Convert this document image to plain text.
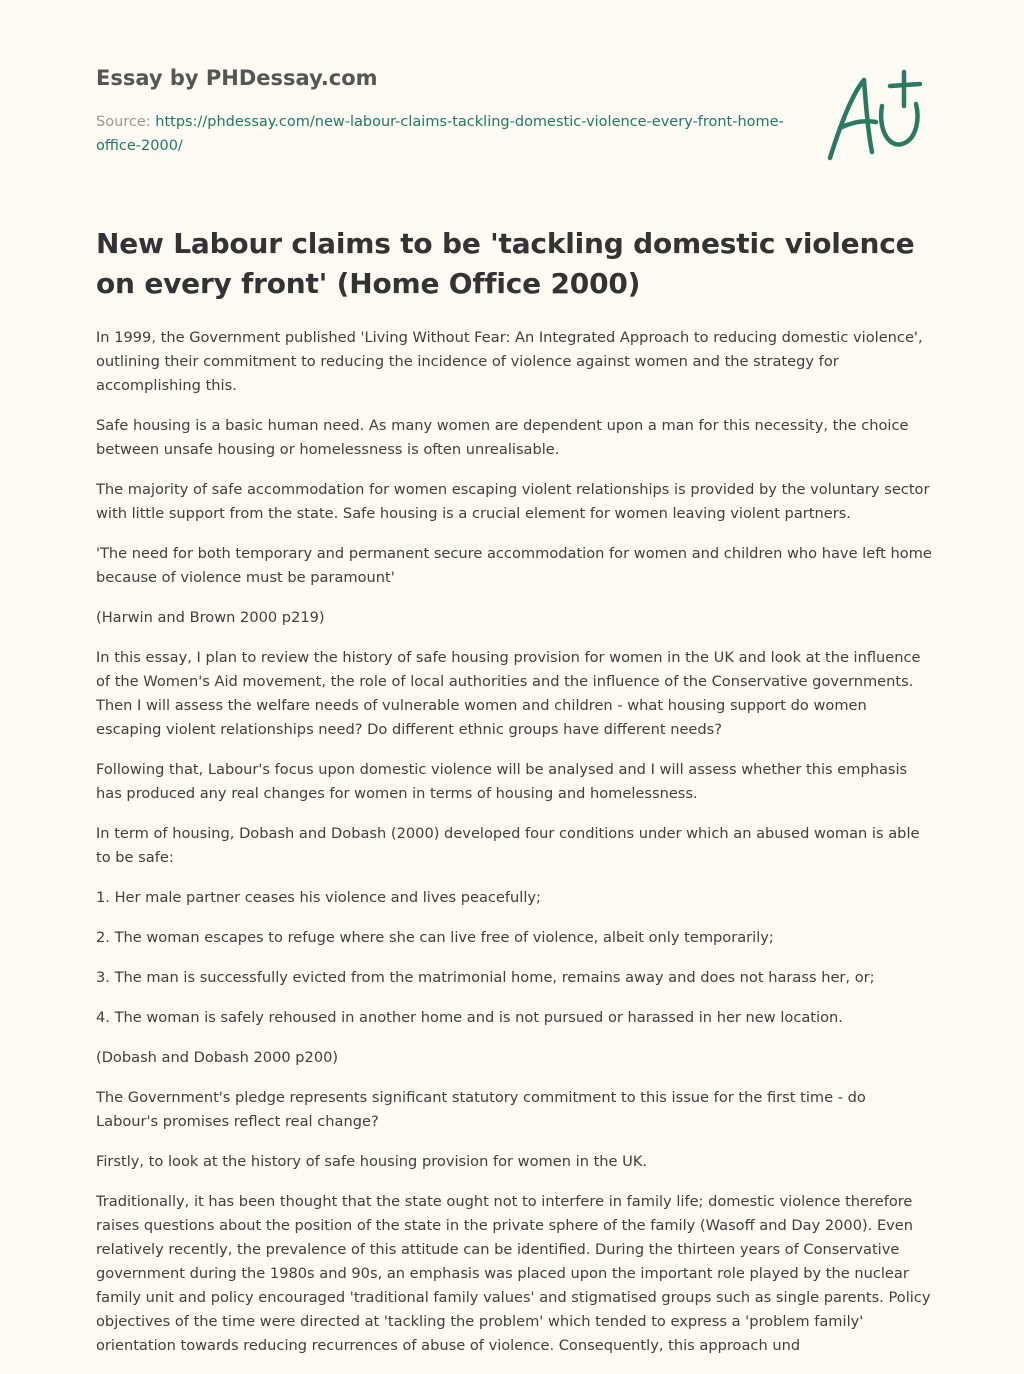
Essay by PHDessay.com
Source: https://phdessay.com/new-labour-claims-tackling-domestic-violence-every-front-home-office-2000/
New Labour claims to be 'tackling domestic violence on every front' (Home Office 2000)

In 1999, the Government published 'Living Without Fear: An Integrated Approach to reducing domestic violence', outlining their commitment to reducing the incidence of violence against women and the strategy for accomplishing this.

Safe housing is a basic human need. As many women are dependent upon a man for this necessity, the choice between unsafe housing or homelessness is often unrealisable.

The majority of safe accommodation for women escaping violent relationships is provided by the voluntary sector with little support from the state. Safe housing is a crucial element for women leaving violent partners.

'The need for both temporary and permanent secure accommodation for women and children who have left home because of violence must be paramount'

(Harwin and Brown 2000 p219)

In this essay, I plan to review the history of safe housing provision for women in the UK and look at the influence of the Women's Aid movement, the role of local authorities and the influence of the Conservative governments. Then I will assess the welfare needs of vulnerable women and children - what housing support do women escaping violent relationships need? Do different ethnic groups have different needs?

Following that, Labour's focus upon domestic violence will be analysed and I will assess whether this emphasis has produced any real changes for women in terms of housing and homelessness.

In term of housing, Dobash and Dobash (2000) developed four conditions under which an abused woman is able to be safe:

1. Her male partner ceases his violence and lives peacefully;

2. The woman escapes to refuge where she can live free of violence, albeit only temporarily;

3. The man is successfully evicted from the matrimonial home, remains away and does not harass her, or;

4. The woman is safely rehoused in another home and is not pursued or harassed in her new location.

(Dobash and Dobash 2000 p200)

The Government's pledge represents significant statutory commitment to this issue for the first time - do Labour's promises reflect real change?

Firstly, to look at the history of safe housing provision for women in the UK.

Traditionally, it has been thought that the state ought not to interfere in family life; domestic violence therefore raises questions about the position of the state in the private sphere of the family (Wasoff and Day 2000). Even relatively recently, the prevalence of this attitude can be identified. During the thirteen years of Conservative government during the 1980s and 90s, an emphasis was placed upon the important role played by the nuclear family unit and policy encouraged 'traditional family values' and stigmatised groups such as single parents. Policy objectives of the time were directed at 'tackling the problem' which tended to express a 'problem family' orientation towards reducing recurrences of abuse of violence. Consequently, this approach und
